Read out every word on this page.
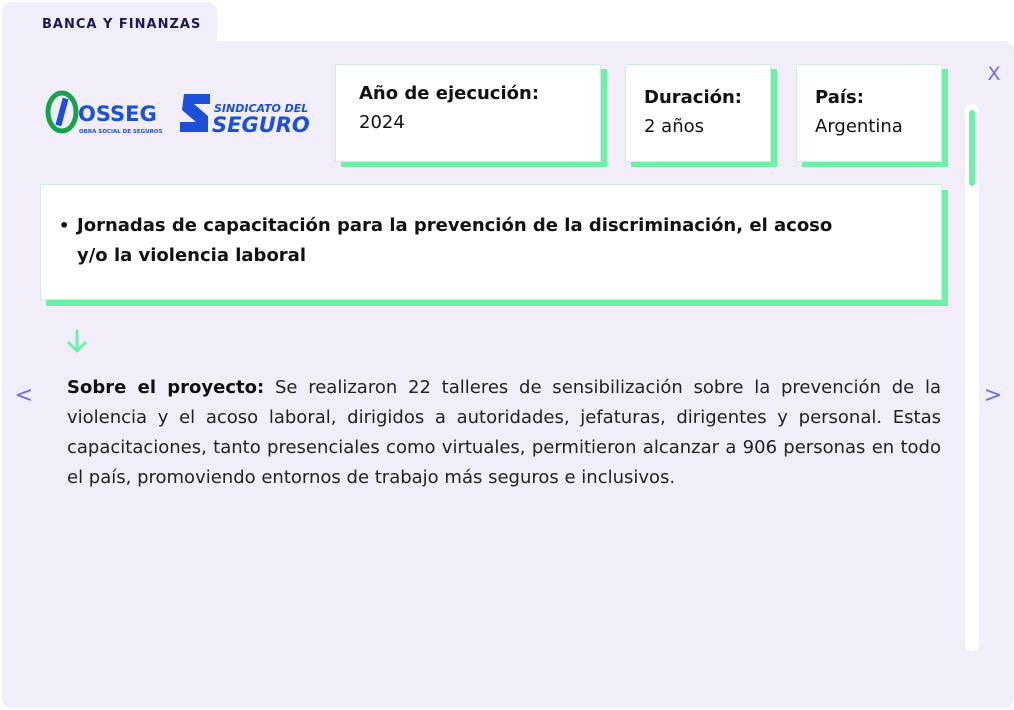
BANCA Y FINANZAS
X
<	>
OSSEG
OBRA SOCIAL DE SEGUROS
SINDICATO DEL
SEGURO
Año de ejecución:
2024
Duración:
2 años
País:
Argentina
• Jornadas de capacitación para la prevención de la discriminación, el acoso y/o la violencia laboral
Sobre el proyecto: Se realizaron 22 talleres de sensibilización sobre la prevención de la violencia y el acoso laboral, dirigidos a autoridades, jefaturas, dirigentes y personal. Estas capacitaciones, tanto presenciales como virtuales, permitieron alcanzar a 906 personas en todo el país, promoviendo entornos de trabajo más seguros e inclusivos.
